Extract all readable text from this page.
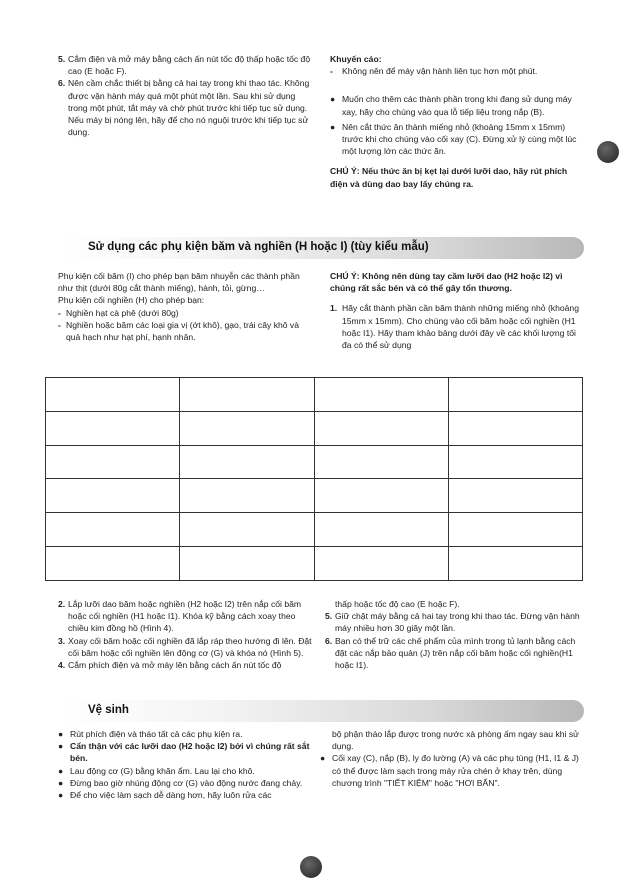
5. Cắm điện và mở máy bằng cách ấn nút tốc độ thấp hoặc tốc độ cao (E hoặc F).
6. Nên cầm chắc thiết bị bằng cả hai tay trong khi thao tác. Không được vận hành máy quá một phút một lần. Sau khi sử dụng trong một phút, tắt máy và chờ phút trước khi tiếp tục sử dụng. Nếu máy bị nóng lên, hãy để cho nó nguội trước khi tiếp tục sử dụng.

Khuyến cáo:

-	Không nên để máy vận hành liên tục hơn một phút.
● Muốn cho thêm các thành phần trong khi đang sử dụng máy xay, hãy cho chúng vào qua lỗ tiếp liệu trong nắp (B).
● Nên cắt thức ăn thành miếng nhỏ (khoảng 15mm x 15mm) trước khi cho chúng vào cối xay (C). Đừng xử lý cùng một lúc một lượng lớn các thức ăn.

CHÚ Ý: Nếu thức ăn bị kẹt lại dưới lưỡi dao, hãy rút phích điện và dùng dao bay lấy chúng ra.

Sử dụng các phụ kiện băm và nghiền (H hoặc I) (tùy kiểu mẫu)

Phụ kiện cối băm (I) cho phép bạn băm nhuyễn các thành phần như thịt (dưới 80g cắt thành miếng), hành, tỏi, gừng…

Phụ kiện cối nghiền (H) cho phép bạn:

- Nghiền hạt cà phê (dưới 80g)
- Nghiền hoặc băm các loại gia vị (ớt khô), gạo, trái cây khô và quả hạch như hạt phí, hạnh nhân.

CHÚ Ý: Không nên dùng tay cầm lưỡi dao (H2 hoặc I2) vì chúng rất sắc bén và có thể gây tổn thương.

1. Hãy cắt thành phần cần băm thành những miếng nhỏ (khoảng 15mm x 15mm). Cho chúng vào cối băm hoặc cối nghiền (H1 hoặc I1). Hãy tham khảo bảng dưới đây về các khối lượng tối đa có thể sử dụng

2. Lắp lưỡi dao băm hoặc nghiền (H2 hoặc I2) trên nắp cối băm hoặc cối nghiền (H1 hoặc I1). Khóa kỹ bằng cách xoay theo chiều kim đồng hồ (Hình 4).
3. Xoay cối băm hoặc cối nghiền đã lắp ráp theo hướng đi lên. Đặt cối băm hoặc cối nghiền lên động cơ (G) và khóa nó (Hình 5).
4. Cắm phích điện và mở máy lên bằng cách ấn nút tốc độ

thấp hoặc tốc độ cao (E hoặc F).

5. Giữ chặt máy bằng cả hai tay trong khi thao tác. Đừng vận hành máy nhiều hơn 30 giây một lần.
6. Bạn có thể trữ các chế phẩm của mình trong tủ lạnh bằng cách đặt các nắp bảo quản (J) trên nắp cối băm hoặc cối nghiền(H1 hoặc I1).
Vệ sinh
● Rút phích điện và tháo tất cả các phụ kiện ra.
● Cẩn thận với các lưỡi dao (H2 hoặc I2) bởi vì chúng rất sắt bén.
● Lau động cơ (G) bằng khăn ẩm. Lau lại cho khô.
● Đừng bao giờ nhúng động cơ (G) vào động nước đang chảy.
● Để cho việc làm sạch dễ dàng hơn, hãy luôn rửa các

bộ phận tháo lắp được trong nước xà phòng ấm ngay sau khi sử dụng.

● Cối xay (C), nắp (B), ly đo lường (A) và các phụ tùng (H1, I1 & J) có thể được làm sạch trong máy rửa chén ở khay trên, dùng chương trình "TIẾT KIỆM" hoặc "HƠI BẤN".
